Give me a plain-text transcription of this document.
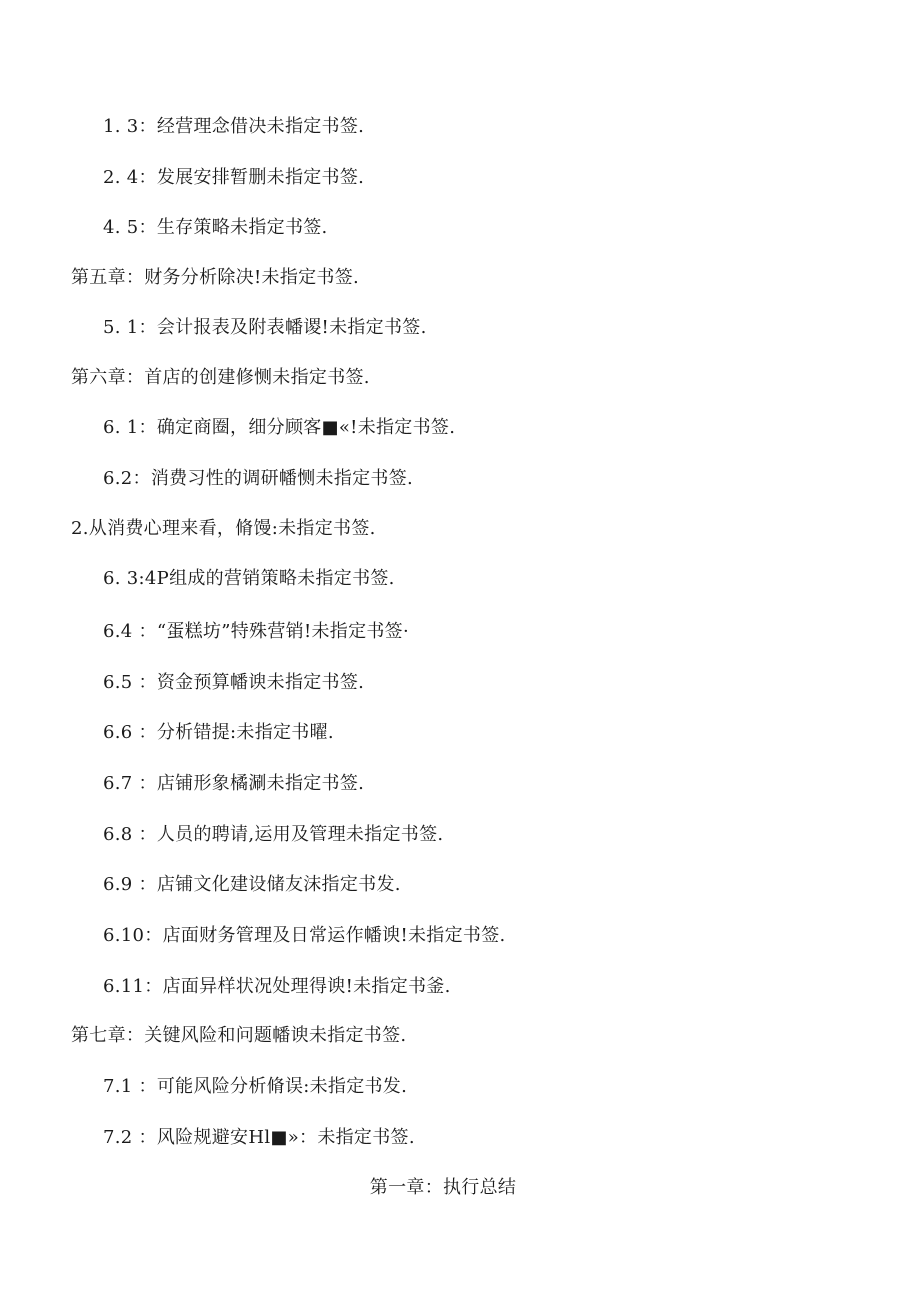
1. 3：经营理念借决未指定书签.
2. 4：发展安排暂删未指定书签.
4. 5：生存策略未指定书签.
第五章：财务分析除决!未指定书签.
5. 1：会计报表及附表幡谡!未指定书签.
第六章：首店的创建修恻未指定书签.
6. 1：确定商圈，细分顾客■«!未指定书签.
6.2：消费习性的调研幡恻未指定书签.
2.从消费心理来看，脩馒:未指定书签.
6. 3:4P组成的营销策略未指定书签.
6.4 ：“蛋糕坊”特殊营销!未指定书签·
6.5 ：资金预算幡谀未指定书签.
6.6 ：分析错提:未指定书曜.
6.7 ：店铺形象橘涮未指定书签.
6.8 ：人员的聘请,运用及管理未指定书签.
6.9 ：店铺文化建设储友沫指定书发.
6.10：店面财务管理及日常运作幡谀!未指定书签.
6.11：店面异样状况处理得谀!未指定书釜.
第七章：关键风险和问题幡谀未指定书签.
7.1 ：可能风险分析脩误:未指定书发.
7.2 ：风险规避安Hl■»：未指定书签.
第一章：执行总结
